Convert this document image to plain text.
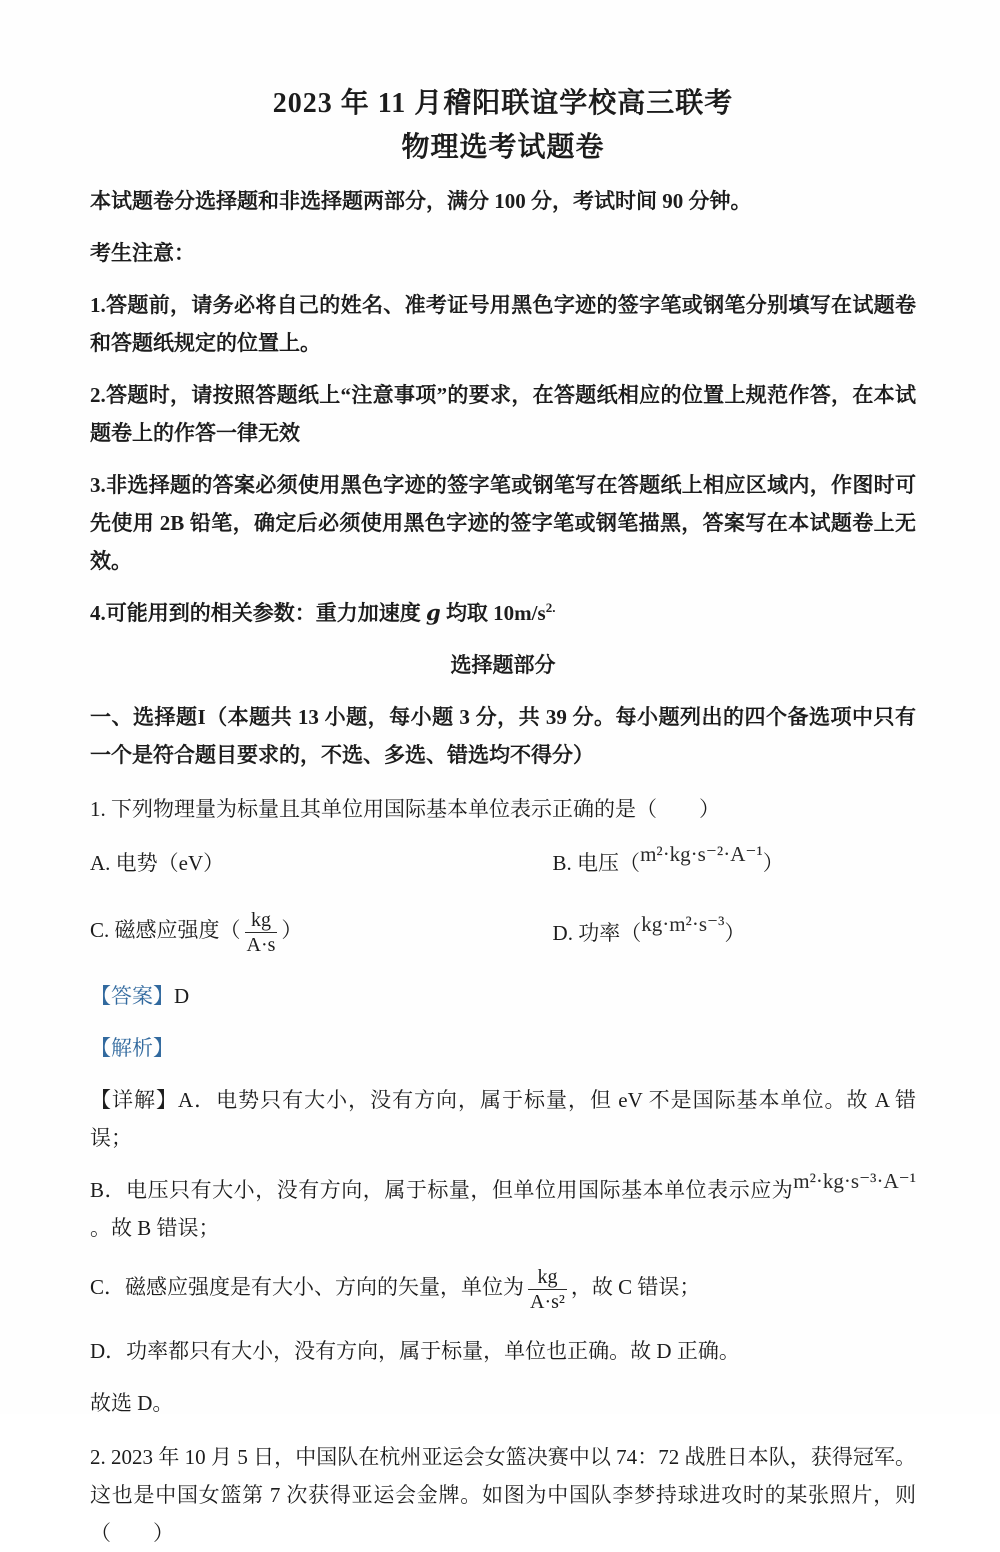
2023 年 11 月稽阳联谊学校高三联考

物理选考试题卷

本试题卷分选择题和非选择题两部分，满分 100 分，考试时间 90 分钟。

考生注意：

1.答题前，请务必将自己的姓名、准考证号用黑色字迹的签字笔或钢笔分别填写在试题卷和答题纸规定的位置上。

2.答题时，请按照答题纸上“注意事项”的要求，在答题纸相应的位置上规范作答，在本试题卷上的作答一律无效

3.非选择题的答案必须使用黑色字迹的签字笔或钢笔写在答题纸上相应区域内，作图时可先使用 2B 铅笔，确定后必须使用黑色字迹的签字笔或钢笔描黑，答案写在本试题卷上无效。

4.可能用到的相关参数：重力加速度 g 均取 $10m/s^{2.}$

选择题部分

一、选择题I（本题共 13 小题，每小题 3 分，共 39 分。每小题列出的四个备选项中只有一个是符合题目要求的，不选、多选、错选均不得分）

1. 下列物理量为标量且其单位用国际基本单位表示正确的是（　　）

A. 电势（eV）	B. 电压（m²·kg·s⁻²·A⁻¹）
C. 磁感应强度（ $\frac{kg}{A\cdot s}$ ）	D. 功率（kg·m²·s⁻³）

【答案】D

【解析】

【详解】A．电势只有大小，没有方向，属于标量，但 eV 不是国际基本单位。故 A 错误；

B．电压只有大小，没有方向，属于标量，但单位用国际基本单位表示应为m²·kg·s⁻³·A⁻¹。故 B 错误；

C．磁感应强度是有大小、方向的矢量，单位为 $\frac{kg}{\text{A·s²}}$ ，故 C 错误；

D．功率都只有大小，没有方向，属于标量，单位也正确。故 D 正确。

故选 D。

2. 2023 年 10 月 5 日，中国队在杭州亚运会女篮决赛中以 74：72 战胜日本队，获得冠军。这也是中国女篮第 7 次获得亚运会金牌。如图为中国队李梦持球进攻时的某张照片，则（　　）
